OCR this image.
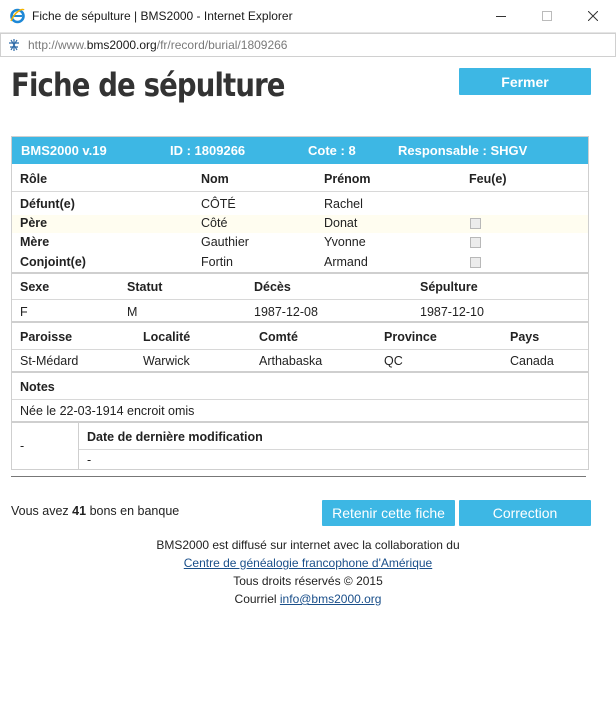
Fiche de sépulture | BMS2000 - Internet Explorer
http://www.bms2000.org/fr/record/burial/1809266
Fiche de sépulture	Fermer
BMS2000 v.19	ID : 1809266	Cote : 8	Responsable : SHGV
Rôle	Nom	Prénom	Feu(e)
Défunt(e)	CÔTÉ	Rachel
Père	Côté	Donat
Mère	Gauthier	Yvonne
Conjoint(e)	Fortin	Armand
Sexe	Statut	Décès	Sépulture
F	M	1987-12-08	1987-12-10
Paroisse	Localité	Comté	Province	Pays
St-Médard	Warwick	Arthabaska	QC	Canada
Notes
Née le 22-03-1914 encroit omis
-
Date de dernière modification
-
Vous avez 41 bons en banque	Retenir cette fiche	Correction
BMS2000 est diffusé sur internet avec la collaboration du
Centre de généalogie francophone d'Amérique
Tous droits réservés © 2015
Courriel info@bms2000.org
